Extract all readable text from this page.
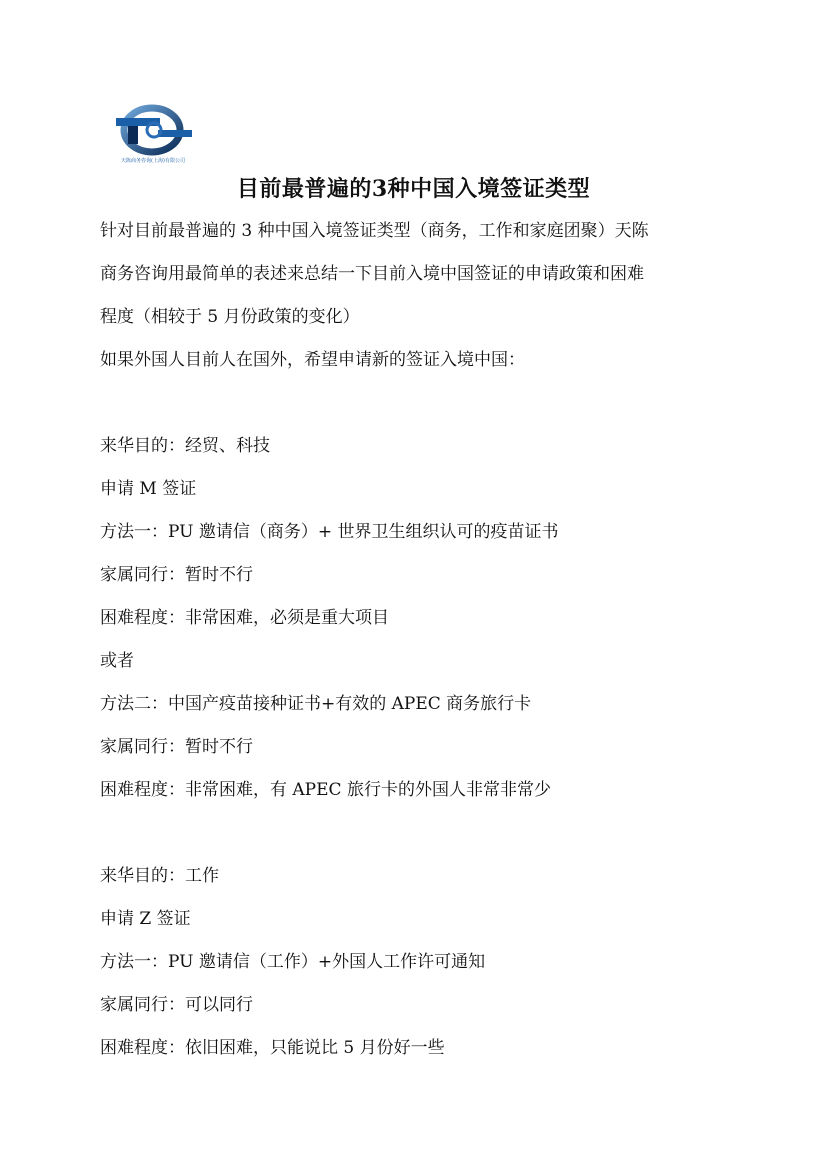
天陈商务咨询(上海)有限公司
目前最普遍的3种中国入境签证类型
针对目前最普遍的 3 种中国入境签证类型（商务，工作和家庭团聚）天陈
商务咨询用最简单的表述来总结一下目前入境中国签证的申请政策和困难
程度（相较于 5 月份政策的变化）
如果外国人目前人在国外，希望申请新的签证入境中国：
来华目的：经贸、科技
申请 M 签证
方法一：PU 邀请信（商务）+ 世界卫生组织认可的疫苗证书
家属同行：暂时不行
困难程度：非常困难，必须是重大项目
或者
方法二：中国产疫苗接种证书+有效的 APEC 商务旅行卡
家属同行：暂时不行
困难程度：非常困难，有 APEC 旅行卡的外国人非常非常少
来华目的：工作
申请 Z 签证
方法一：PU 邀请信（工作）+外国人工作许可通知
家属同行：可以同行
困难程度：依旧困难，只能说比 5 月份好一些
